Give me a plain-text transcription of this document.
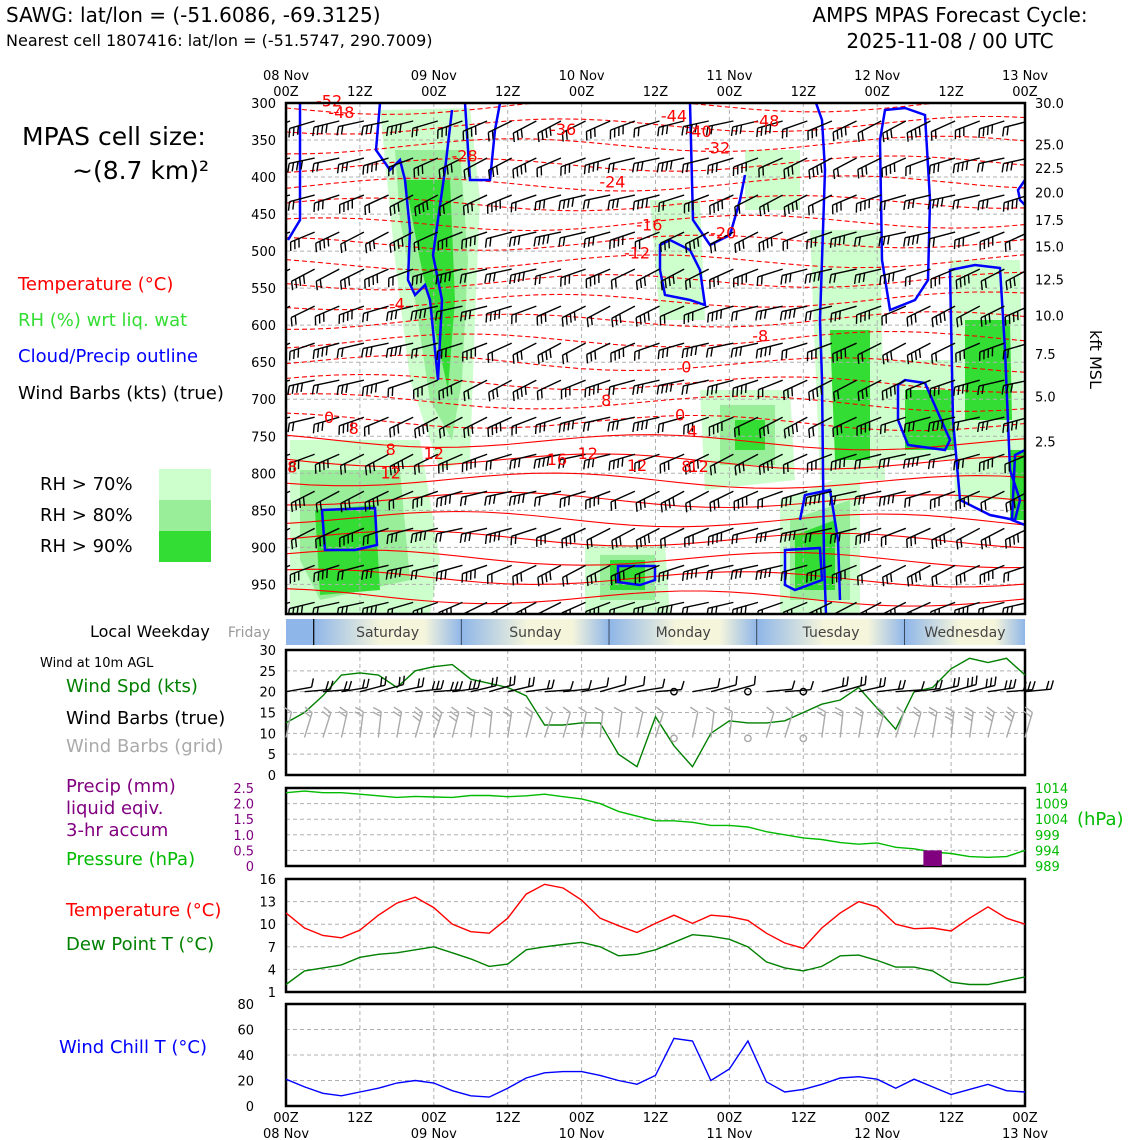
SAWG: lat/lon = (-51.6086, -69.3125)
Nearest cell 1807416: lat/lon = (-51.5747, 290.7009)
AMPS MPAS Forecast Cycle:
2025-11-08 / 00 UTC
MPAS cell size:
~(8.7 km)²
Temperature (°C)
RH (%) wrt liq. wat
Cloud/Precip outline
Wind Barbs (kts) (true)
RH > 70%
RH > 80%
RH > 90%
Local Weekday
Wind at 10m AGL
Wind Spd (kts)
Wind Barbs (true)
Wind Barbs (grid)
Precip (mm)
liquid eqiv.
3-hr accum
Pressure (hPa)
(hPa)
Temperature (°C)
Dew Point T (°C)
Wind Chill T (°C)
-52
-48
-36
-28
-24
-44
-32
-40
-48
-16	-20
-12
-4
8
0
-8
0
4
8
12
0
8
8 12	16 12
12
8	12
00Z
00Z
12Z
12Z
00Z
00Z
12Z
12Z
00Z
00Z
12Z
12Z
00Z
00Z
12Z
12Z
00Z
00Z
12Z
12Z
00Z
00Z
08 Nov
08 Nov
09 Nov
09 Nov
10 Nov
10 Nov
11 Nov
11 Nov
12 Nov
12 Nov
13 Nov
13 Nov
300
350
400
450
500
550
600
650
700
750
800
850
900
950
30.0
25.0
22.5
20.0
17.5
15.0
12.5
10.0
7.5
5.0
2.5
kft MSL
0
5
10
15
20
25
30
0
0.5
1.0
1.5
2.0
2.5
989
994
999
1004
1009
1014
1
4
7
10
13
16
0
20
40
60
80
Friday	Saturday	Sunday	Monday	Tuesday	Wednesday
